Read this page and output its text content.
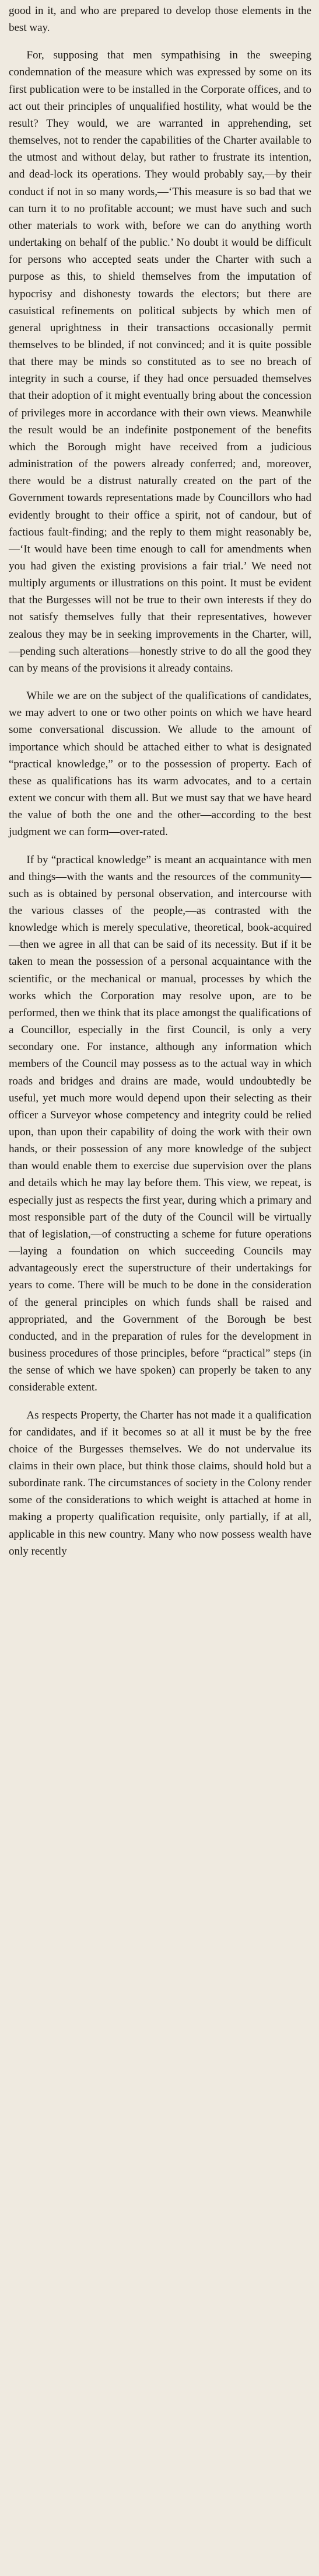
good in it, and who are prepared to develop those elements in the best way.

For, supposing that men sympathising in the sweeping condemnation of the measure which was expressed by some on its first publication were to be installed in the Corporate offices, and to act out their principles of unqualified hostility, what would be the result? They would, we are warranted in apprehending, set themselves, not to render the capabilities of the Charter available to the utmost and without delay, but rather to frustrate its intention, and dead-lock its operations. They would probably say,—by their conduct if not in so many words,—‘This measure is so bad that we can turn it to no profitable account; we must have such and such other materials to work with, before we can do anything worth undertaking on behalf of the public.’ No doubt it would be difficult for persons who accepted seats under the Charter with such a purpose as this, to shield themselves from the imputation of hypocrisy and dishonesty towards the electors; but there are casuistical refinements on political subjects by which men of general uprightness in their transactions occasionally permit themselves to be blinded, if not convinced; and it is quite possible that there may be minds so constituted as to see no breach of integrity in such a course, if they had once persuaded themselves that their adoption of it might eventually bring about the concession of privileges more in accordance with their own views. Meanwhile the result would be an indefinite postponement of the benefits which the Borough might have received from a judicious administration of the powers already conferred; and, moreover, there would be a distrust naturally created on the part of the Government towards representations made by Councillors who had evidently brought to their office a spirit, not of candour, but of factious fault-finding; and the reply to them might reasonably be,—‘It would have been time enough to call for amendments when you had given the existing provisions a fair trial.’ We need not multiply arguments or illustrations on this point. It must be evident that the Burgesses will not be true to their own interests if they do not satisfy themselves fully that their representatives, however zealous they may be in seeking improvements in the Charter, will,—pending such alterations—honestly strive to do all the good they can by means of the provisions it already contains.

While we are on the subject of the qualifications of candidates, we may advert to one or two other points on which we have heard some conversational discussion. We allude to the amount of importance which should be attached either to what is designated “practical knowledge,” or to the possession of property. Each of these as qualifications has its warm advocates, and to a certain extent we concur with them all. But we must say that we have heard the value of both the one and the other—according to the best judgment we can form—over-rated.

If by “practical knowledge” is meant an acquaintance with men and things—with the wants and the resources of the community—such as is obtained by personal observation, and intercourse with the various classes of the people,—as contrasted with the knowledge which is merely speculative, theoretical, book-acquired—then we agree in all that can be said of its necessity. But if it be taken to mean the possession of a personal acquaintance with the scientific, or the mechanical or manual, processes by which the works which the Corporation may resolve upon, are to be performed, then we think that its place amongst the qualifications of a Councillor, especially in the first Council, is only a very secondary one. For instance, although any information which members of the Council may possess as to the actual way in which roads and bridges and drains are made, would undoubtedly be useful, yet much more would depend upon their selecting as their officer a Surveyor whose competency and integrity could be relied upon, than upon their capability of doing the work with their own hands, or their possession of any more knowledge of the subject than would enable them to exercise due supervision over the plans and details which he may lay before them. This view, we repeat, is especially just as respects the first year, during which a primary and most responsible part of the duty of the Council will be virtually that of legislation,—of constructing a scheme for future operations—laying a foundation on which succeeding Councils may advantageously erect the superstructure of their undertakings for years to come. There will be much to be done in the consideration of the general principles on which funds shall be raised and appropriated, and the Government of the Borough be best conducted, and in the preparation of rules for the development in business procedures of those principles, before “practical” steps (in the sense of which we have spoken) can properly be taken to any considerable extent.

As respects Property, the Charter has not made it a qualification for candidates, and if it becomes so at all it must be by the free choice of the Burgesses themselves. We do not undervalue its claims in their own place, but think those claims, should hold but a subordinate rank. The circumstances of society in the Colony render some of the considerations to which weight is attached at home in making a property qualification requisite, only partially, if at all, applicable in this new country. Many who now possess wealth have only recently
